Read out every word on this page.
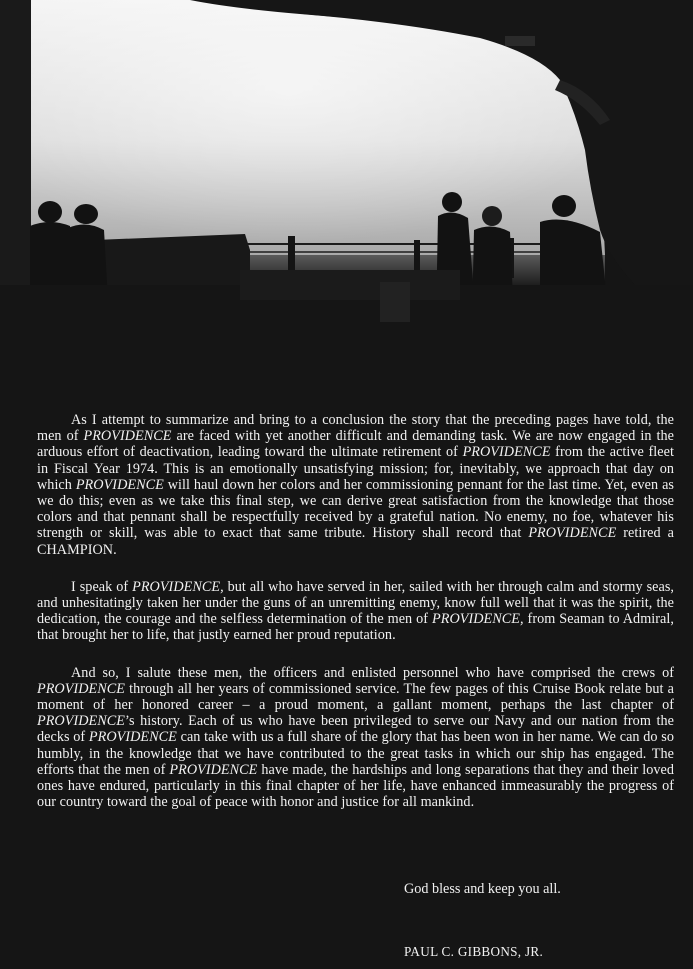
As I attempt to summarize and bring to a conclusion the story that the preceding pages have told, the men of PROVIDENCE are faced with yet another difficult and demanding task. We are now engaged in the arduous effort of deactivation, leading toward the ultimate retirement of PROVIDENCE from the active fleet in Fiscal Year 1974. This is an emotionally unsatisfying mission; for, inevitably, we approach that day on which PROVIDENCE will haul down her colors and her commissioning pennant for the last time. Yet, even as we do this; even as we take this final step, we can derive great satisfaction from the knowledge that those colors and that pennant shall be respectfully received by a grateful nation. No enemy, no foe, whatever his strength or skill, was able to exact that same tribute. History shall record that PROVIDENCE retired a CHAMPION.

I speak of PROVIDENCE, but all who have served in her, sailed with her through calm and stormy seas, and unhesitatingly taken her under the guns of an unremitting enemy, know full well that it was the spirit, the dedication, the courage and the selfless determination of the men of PROVIDENCE, from Seaman to Admiral, that brought her to life, that justly earned her proud reputation.

And so, I salute these men, the officers and enlisted personnel who have comprised the crews of PROVIDENCE through all her years of commissioned service. The few pages of this Cruise Book relate but a moment of her honored career – a proud moment, a gallant moment, perhaps the last chapter of PROVIDENCE’s history. Each of us who have been privileged to serve our Navy and our nation from the decks of PROVIDENCE can take with us a full share of the glory that has been won in her name. We can do so humbly, in the knowledge that we have contributed to the great tasks in which our ship has engaged. The efforts that the men of PROVIDENCE have made, the hardships and long separations that they and their loved ones have endured, particularly in this final chapter of her life, have enhanced immeasurably the progress of our country toward the goal of peace with honor and justice for all mankind.

God bless and keep you all.
PAUL C. GIBBONS, JR.
